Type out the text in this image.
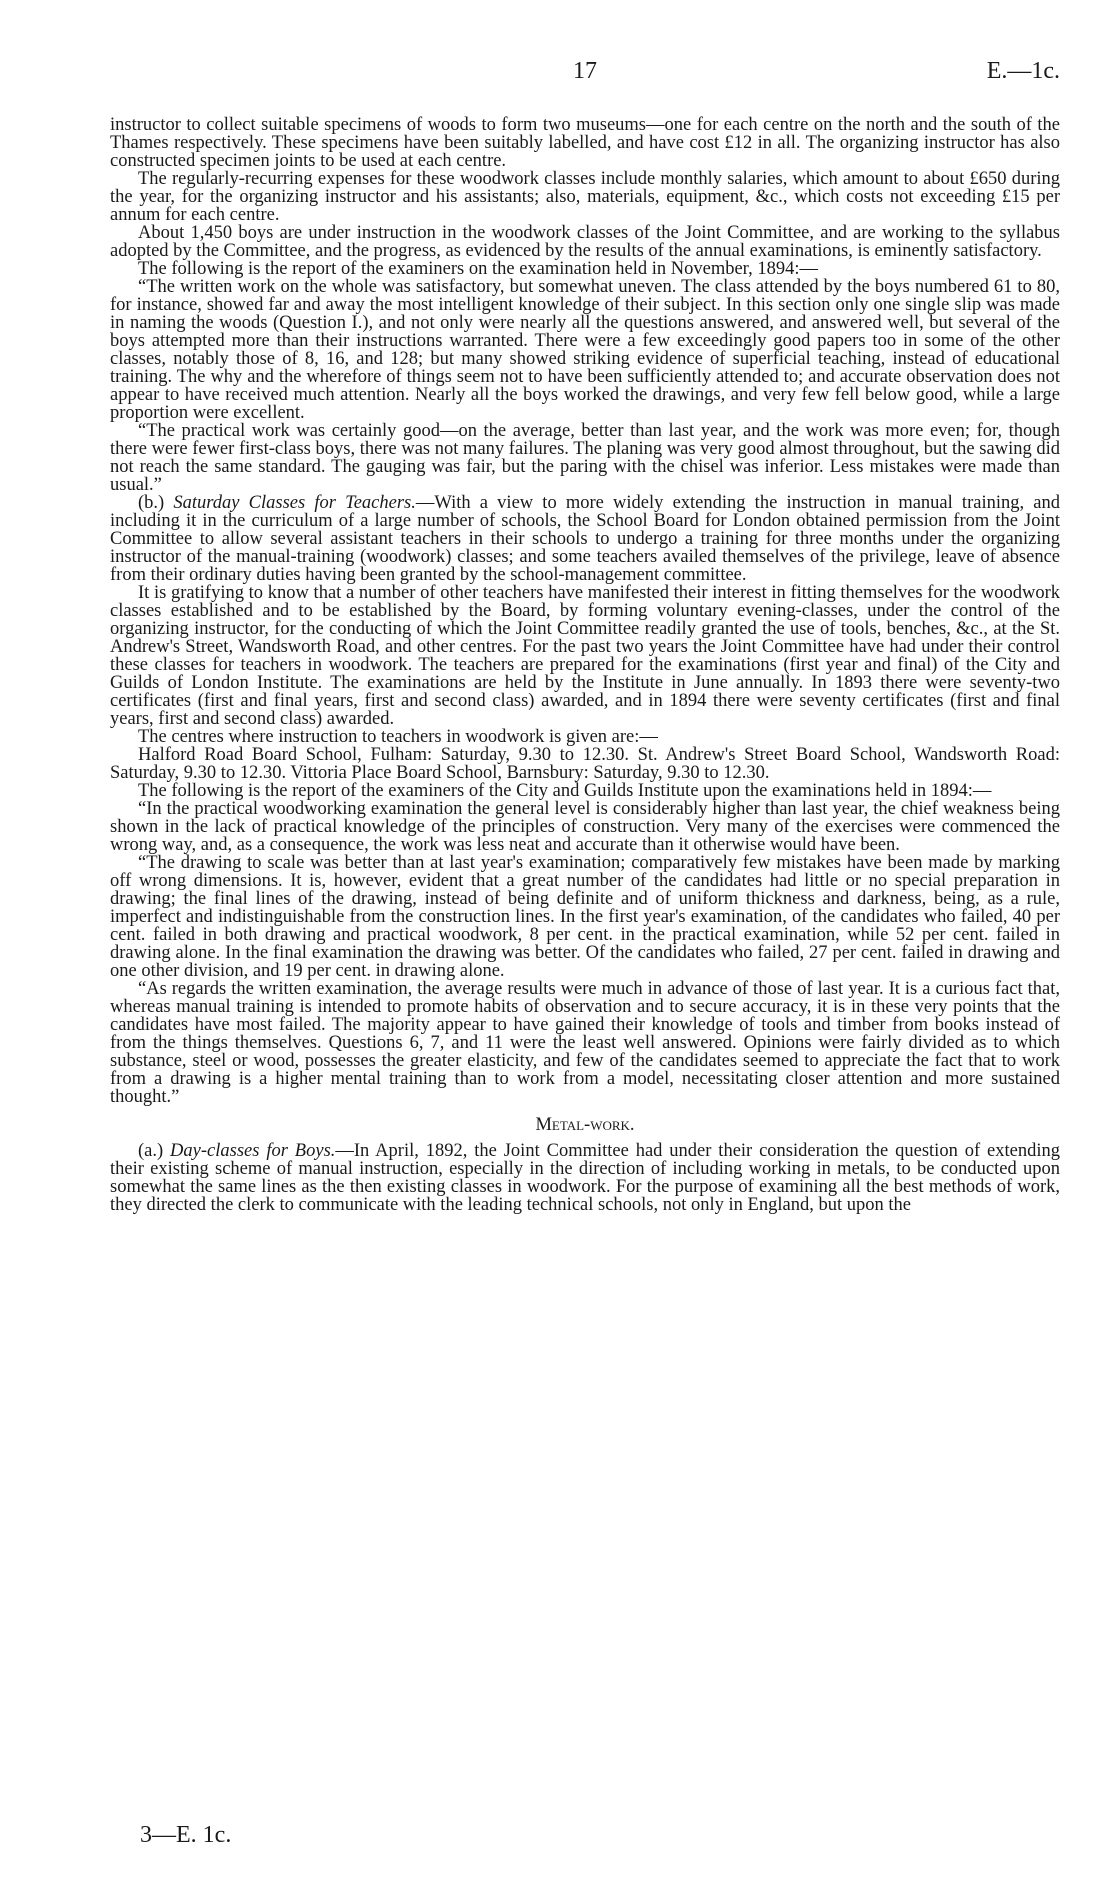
17	E.—1c.

instructor to collect suitable specimens of woods to form two museums—one for each centre on the north and the south of the Thames respectively. These specimens have been suitably labelled, and have cost £12 in all. The organizing instructor has also constructed specimen joints to be used at each centre.

The regularly-recurring expenses for these woodwork classes include monthly salaries, which amount to about £650 during the year, for the organizing instructor and his assistants; also, materials, equipment, &c., which costs not exceeding £15 per annum for each centre.

About 1,450 boys are under instruction in the woodwork classes of the Joint Committee, and are working to the syllabus adopted by the Committee, and the progress, as evidenced by the results of the annual examinations, is eminently satisfactory.

The following is the report of the examiners on the examination held in November, 1894:—

“The written work on the whole was satisfactory, but somewhat uneven. The class attended by the boys numbered 61 to 80, for instance, showed far and away the most intelligent knowledge of their subject. In this section only one single slip was made in naming the woods (Question I.), and not only were nearly all the questions answered, and answered well, but several of the boys attempted more than their instructions warranted. There were a few exceedingly good papers too in some of the other classes, notably those of 8, 16, and 128; but many showed striking evidence of superficial teaching, instead of educational training. The why and the wherefore of things seem not to have been sufficiently attended to; and accurate observation does not appear to have received much attention. Nearly all the boys worked the drawings, and very few fell below good, while a large proportion were excellent.

“The practical work was certainly good—on the average, better than last year, and the work was more even; for, though there were fewer first-class boys, there was not many failures. The planing was very good almost throughout, but the sawing did not reach the same standard. The gauging was fair, but the paring with the chisel was inferior. Less mistakes were made than usual.”

(b.) Saturday Classes for Teachers.—With a view to more widely extending the instruction in manual training, and including it in the curriculum of a large number of schools, the School Board for London obtained permission from the Joint Committee to allow several assistant teachers in their schools to undergo a training for three months under the organizing instructor of the manual-training (woodwork) classes; and some teachers availed themselves of the privilege, leave of absence from their ordinary duties having been granted by the school-management committee.

It is gratifying to know that a number of other teachers have manifested their interest in fitting themselves for the woodwork classes established and to be established by the Board, by forming voluntary evening-classes, under the control of the organizing instructor, for the conducting of which the Joint Committee readily granted the use of tools, benches, &c., at the St. Andrew's Street, Wandsworth Road, and other centres. For the past two years the Joint Committee have had under their control these classes for teachers in woodwork. The teachers are prepared for the examinations (first year and final) of the City and Guilds of London Institute. The examinations are held by the Institute in June annually. In 1893 there were seventy-two certificates (first and final years, first and second class) awarded, and in 1894 there were seventy certificates (first and final years, first and second class) awarded.

The centres where instruction to teachers in woodwork is given are:—

Halford Road Board School, Fulham: Saturday, 9.30 to 12.30. St. Andrew's Street Board School, Wandsworth Road: Saturday, 9.30 to 12.30. Vittoria Place Board School, Barnsbury: Saturday, 9.30 to 12.30.

The following is the report of the examiners of the City and Guilds Institute upon the examinations held in 1894:—

“In the practical woodworking examination the general level is considerably higher than last year, the chief weakness being shown in the lack of practical knowledge of the principles of construction. Very many of the exercises were commenced the wrong way, and, as a consequence, the work was less neat and accurate than it otherwise would have been.

“The drawing to scale was better than at last year's examination; comparatively few mistakes have been made by marking off wrong dimensions. It is, however, evident that a great number of the candidates had little or no special preparation in drawing; the final lines of the drawing, instead of being definite and of uniform thickness and darkness, being, as a rule, imperfect and indistinguishable from the construction lines. In the first year's examination, of the candidates who failed, 40 per cent. failed in both drawing and practical woodwork, 8 per cent. in the practical examination, while 52 per cent. failed in drawing alone. In the final examination the drawing was better. Of the candidates who failed, 27 per cent. failed in drawing and one other division, and 19 per cent. in drawing alone.

“As regards the written examination, the average results were much in advance of those of last year. It is a curious fact that, whereas manual training is intended to promote habits of observation and to secure accuracy, it is in these very points that the candidates have most failed. The majority appear to have gained their knowledge of tools and timber from books instead of from the things themselves. Questions 6, 7, and 11 were the least well answered. Opinions were fairly divided as to which substance, steel or wood, possesses the greater elasticity, and few of the candidates seemed to appreciate the fact that to work from a drawing is a higher mental training than to work from a model, necessitating closer attention and more sustained thought.”

Metal-work.

(a.) Day-classes for Boys.—In April, 1892, the Joint Committee had under their consideration the question of extending their existing scheme of manual instruction, especially in the direction of including working in metals, to be conducted upon somewhat the same lines as the then existing classes in woodwork. For the purpose of examining all the best methods of work, they directed the clerk to communicate with the leading technical schools, not only in England, but upon the

3—E. 1c.
